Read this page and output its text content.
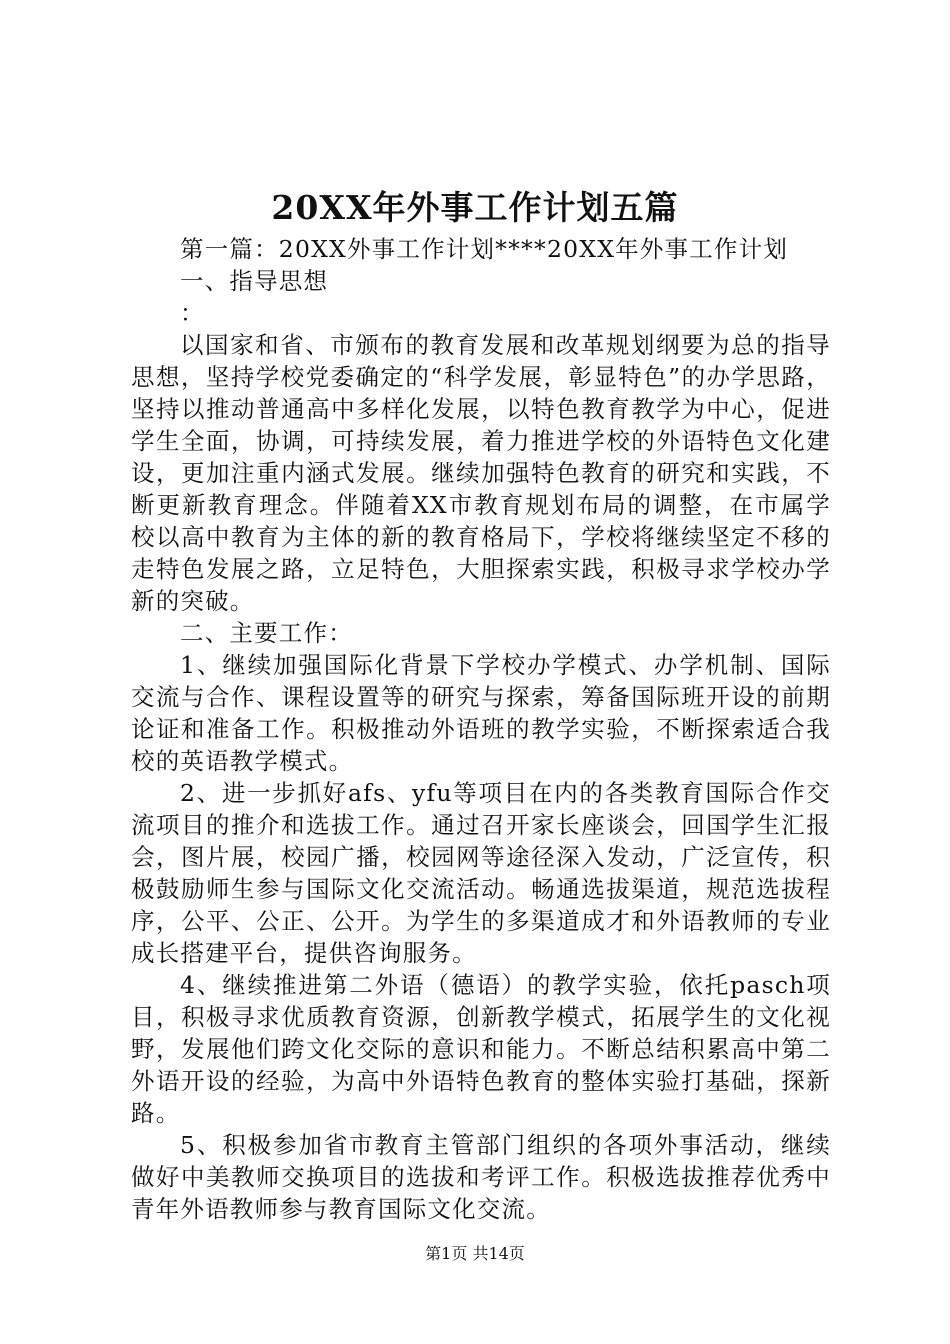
20XX年外事工作计划五篇

第一篇：20XX外事工作计划****20XX年外事工作计划

一、指导思想

：

以国家和省、市颁布的教育发展和改革规划纲要为总的指导思想，坚持学校党委确定的“科学发展，彰显特色”的办学思路，坚持以推动普通高中多样化发展，以特色教育教学为中心，促进学生全面，协调，可持续发展，着力推进学校的外语特色文化建设，更加注重内涵式发展。继续加强特色教育的研究和实践，不断更新教育理念。伴随着XX市教育规划布局的调整，在市属学校以高中教育为主体的新的教育格局下，学校将继续坚定不移的走特色发展之路，立足特色，大胆探索实践，积极寻求学校办学新的突破。

二、主要工作：

1、继续加强国际化背景下学校办学模式、办学机制、国际交流与合作、课程设置等的研究与探索，筹备国际班开设的前期论证和准备工作。积极推动外语班的教学实验，不断探索适合我校的英语教学模式。

2、进一步抓好afs、yfu等项目在内的各类教育国际合作交流项目的推介和选拔工作。通过召开家长座谈会，回国学生汇报会，图片展，校园广播，校园网等途径深入发动，广泛宣传，积极鼓励师生参与国际文化交流活动。畅通选拔渠道，规范选拔程序，公平、公正、公开。为学生的多渠道成才和外语教师的专业成长搭建平台，提供咨询服务。

4、继续推进第二外语（德语）的教学实验，依托pasch项目，积极寻求优质教育资源，创新教学模式，拓展学生的文化视野，发展他们跨文化交际的意识和能力。不断总结积累高中第二外语开设的经验，为高中外语特色教育的整体实验打基础，探新路。

5、积极参加省市教育主管部门组织的各项外事活动，继续做好中美教师交换项目的选拔和考评工作。积极选拔推荐优秀中青年外语教师参与教育国际文化交流。

第1页 共14页
